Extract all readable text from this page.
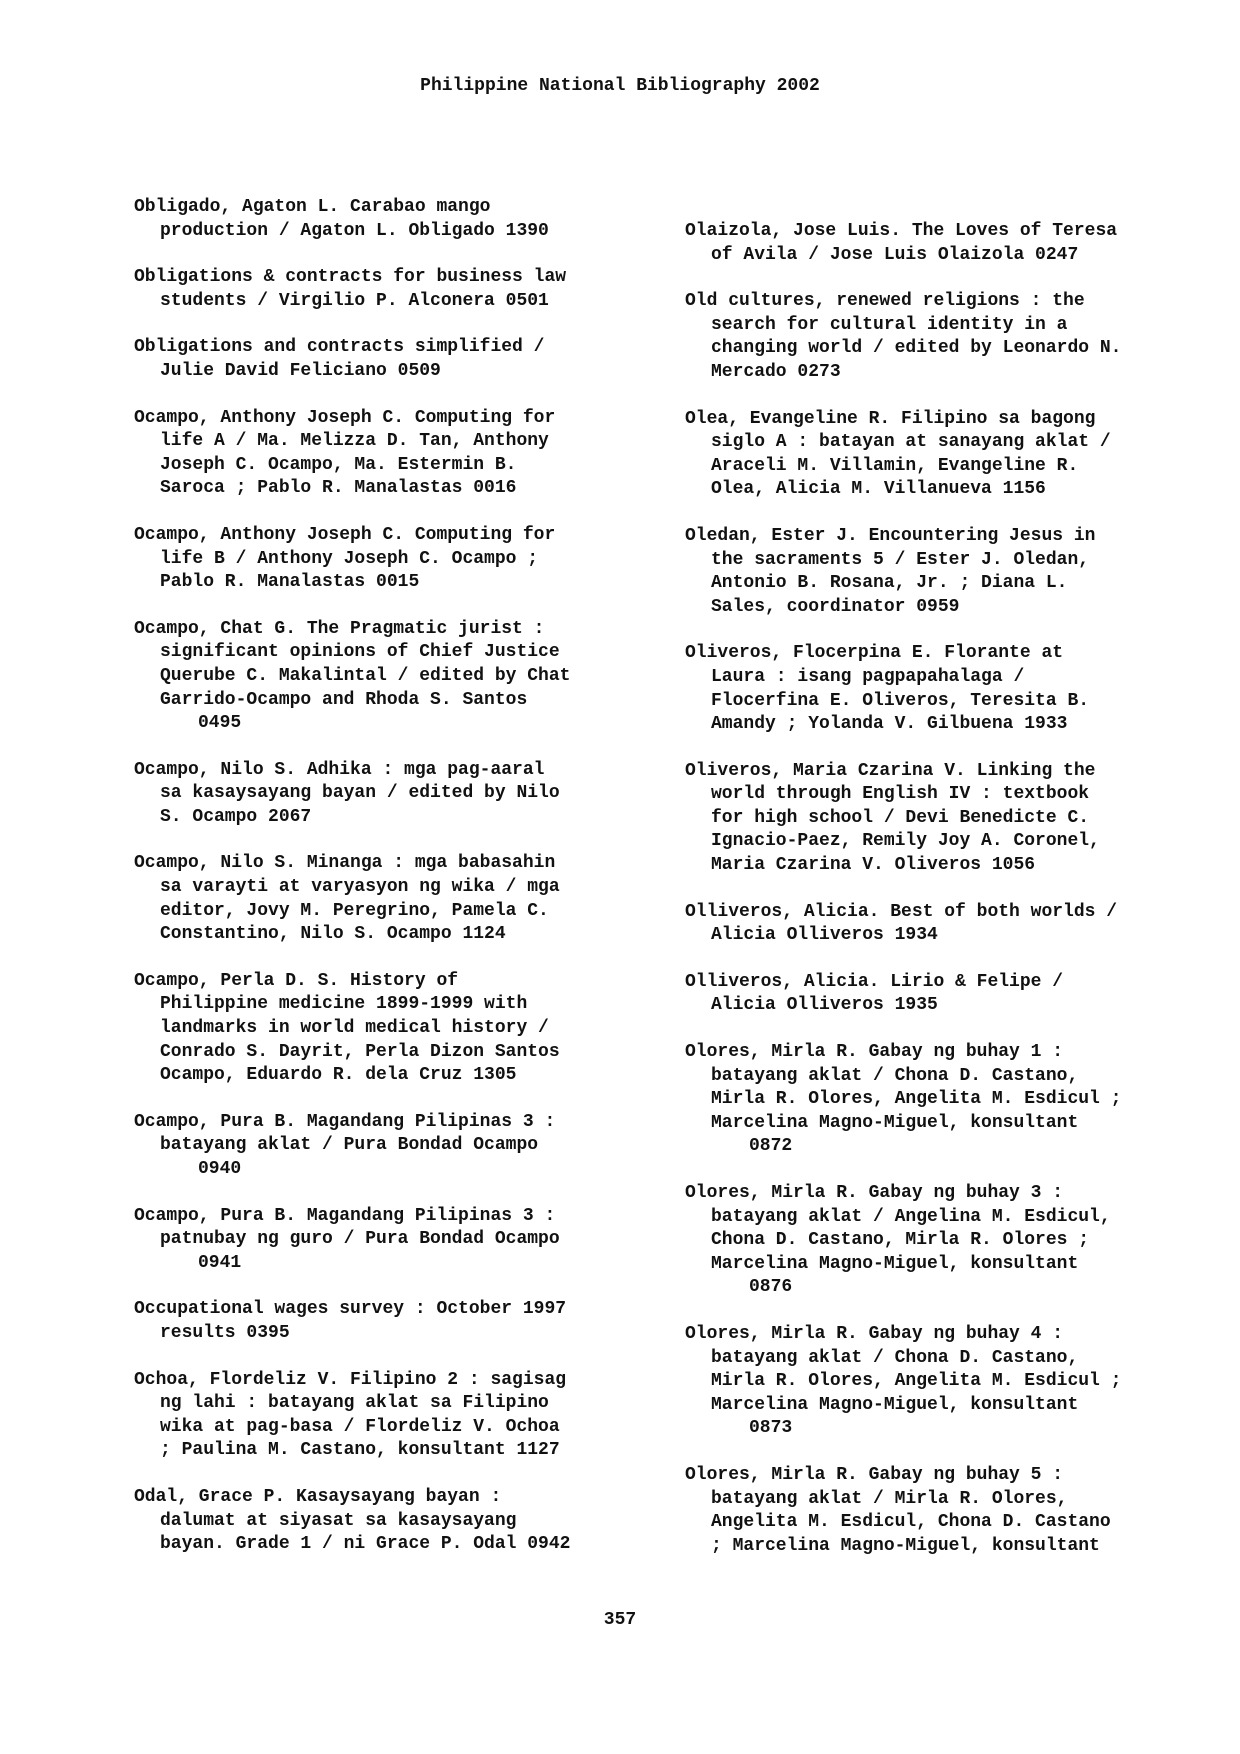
Philippine National Bibliography 2002
Obligado, Agaton L. Carabao mango
production / Agaton L. Obligado 1390
Obligations & contracts for business law
students / Virgilio P. Alconera 0501
Obligations and contracts simplified /
Julie David Feliciano 0509
Ocampo, Anthony Joseph C. Computing for
life A / Ma. Melizza D. Tan, Anthony
Joseph C. Ocampo, Ma. Estermin B.
Saroca ; Pablo R. Manalastas 0016
Ocampo, Anthony Joseph C. Computing for
life B / Anthony Joseph C. Ocampo ;
Pablo R. Manalastas 0015
Ocampo, Chat G. The Pragmatic jurist :
significant opinions of Chief Justice
Querube C. Makalintal / edited by Chat
Garrido-Ocampo and Rhoda S. Santos
0495
Ocampo, Nilo S. Adhika : mga pag-aaral
sa kasaysayang bayan / edited by Nilo
S. Ocampo 2067
Ocampo, Nilo S. Minanga : mga babasahin
sa varayti at varyasyon ng wika / mga
editor, Jovy M. Peregrino, Pamela C.
Constantino, Nilo S. Ocampo 1124
Ocampo, Perla D. S. History of
Philippine medicine 1899-1999 with
landmarks in world medical history /
Conrado S. Dayrit, Perla Dizon Santos
Ocampo, Eduardo R. dela Cruz 1305
Ocampo, Pura B. Magandang Pilipinas 3 :
batayang aklat / Pura Bondad Ocampo
0940
Ocampo, Pura B. Magandang Pilipinas 3 :
patnubay ng guro / Pura Bondad Ocampo
0941
Occupational wages survey : October 1997
results 0395
Ochoa, Flordeliz V. Filipino 2 : sagisag
ng lahi : batayang aklat sa Filipino
wika at pag-basa / Flordeliz V. Ochoa
; Paulina M. Castano, konsultant 1127
Odal, Grace P. Kasaysayang bayan :
dalumat at siyasat sa kasaysayang
bayan. Grade 1 / ni Grace P. Odal 0942
Olaizola, Jose Luis. The Loves of Teresa
of Avila / Jose Luis Olaizola 0247
Old cultures, renewed religions : the
search for cultural identity in a
changing world / edited by Leonardo N.
Mercado 0273
Olea, Evangeline R. Filipino sa bagong
siglo A : batayan at sanayang aklat /
Araceli M. Villamin, Evangeline R.
Olea, Alicia M. Villanueva 1156
Oledan, Ester J. Encountering Jesus in
the sacraments 5 / Ester J. Oledan,
Antonio B. Rosana, Jr. ; Diana L.
Sales, coordinator 0959
Oliveros, Flocerpina E. Florante at
Laura : isang pagpapahalaga /
Flocerfina E. Oliveros, Teresita B.
Amandy ; Yolanda V. Gilbuena 1933
Oliveros, Maria Czarina V. Linking the
world through English IV : textbook
for high school / Devi Benedicte C.
Ignacio-Paez, Remily Joy A. Coronel,
Maria Czarina V. Oliveros 1056
Olliveros, Alicia. Best of both worlds /
Alicia Olliveros 1934
Olliveros, Alicia. Lirio & Felipe /
Alicia Olliveros 1935
Olores, Mirla R. Gabay ng buhay 1 :
batayang aklat / Chona D. Castano,
Mirla R. Olores, Angelita M. Esdicul ;
Marcelina Magno-Miguel, konsultant
0872
Olores, Mirla R. Gabay ng buhay 3 :
batayang aklat / Angelina M. Esdicul,
Chona D. Castano, Mirla R. Olores ;
Marcelina Magno-Miguel, konsultant
0876
Olores, Mirla R. Gabay ng buhay 4 :
batayang aklat / Chona D. Castano,
Mirla R. Olores, Angelita M. Esdicul ;
Marcelina Magno-Miguel, konsultant
0873
Olores, Mirla R. Gabay ng buhay 5 :
batayang aklat / Mirla R. Olores,
Angelita M. Esdicul, Chona D. Castano
; Marcelina Magno-Miguel, konsultant
357
